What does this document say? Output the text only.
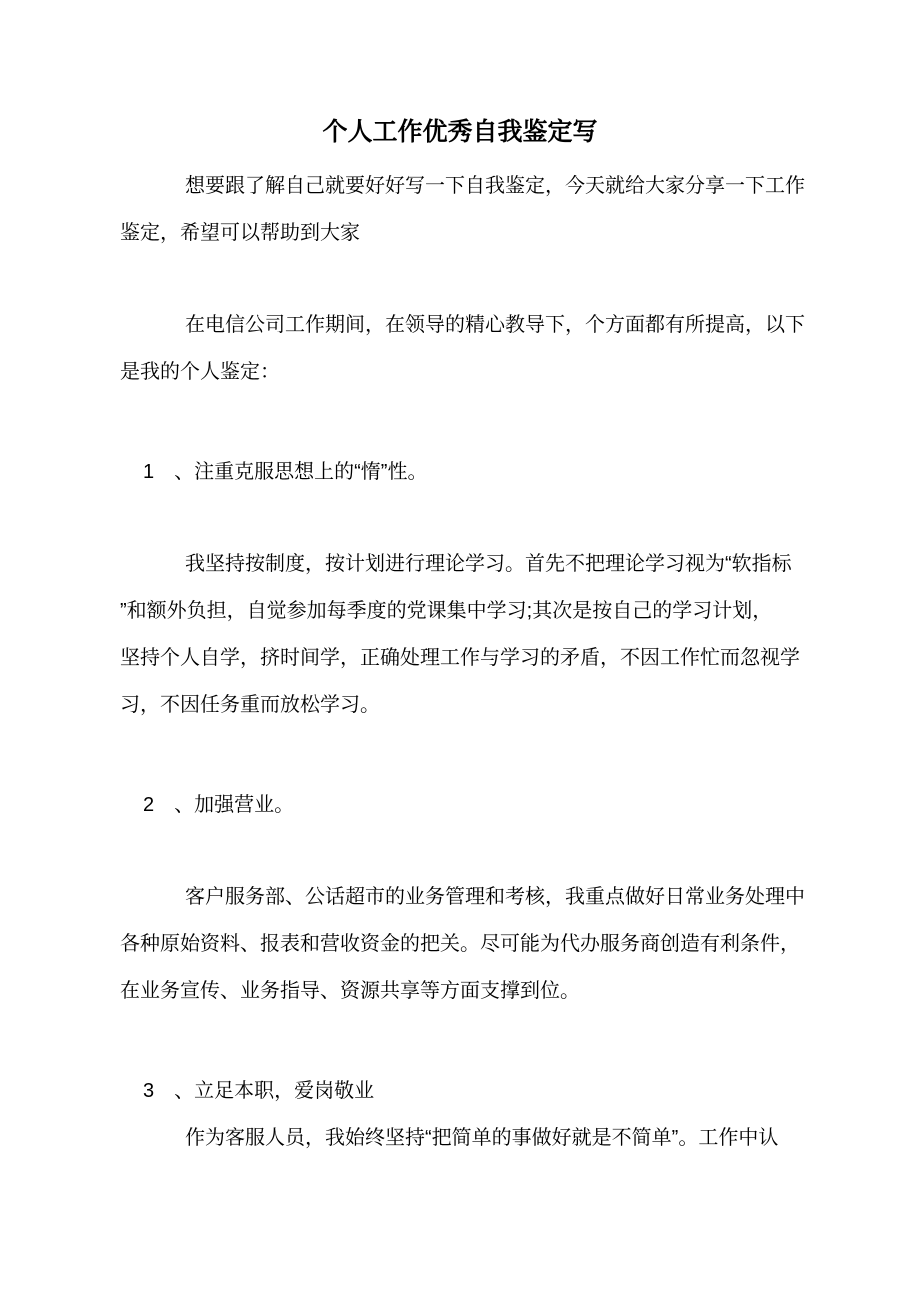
个人工作优秀自我鉴定写

想要跟了解自己就要好好写一下自我鉴定，今天就给大家分享一下工作
鉴定，希望可以帮助到大家

在电信公司工作期间，在领导的精心教导下，个方面都有所提高，以下
是我的个人鉴定：

1　、注重克服思想上的“惰”性。

我坚持按制度，按计划进行理论学习。首先不把理论学习视为“软指标
”和额外负担，自觉参加每季度的党课集中学习;其次是按自己的学习计划，
坚持个人自学，挤时间学，正确处理工作与学习的矛盾，不因工作忙而忽视学
习，不因任务重而放松学习。

2　、加强营业。

客户服务部、公话超市的业务管理和考核，我重点做好日常业务处理中
各种原始资料、报表和营收资金的把关。尽可能为代办服务商创造有利条件，
在业务宣传、业务指导、资源共享等方面支撑到位。

3　、立足本职，爱岗敬业

作为客服人员，我始终坚持“把简单的事做好就是不简单”。工作中认
